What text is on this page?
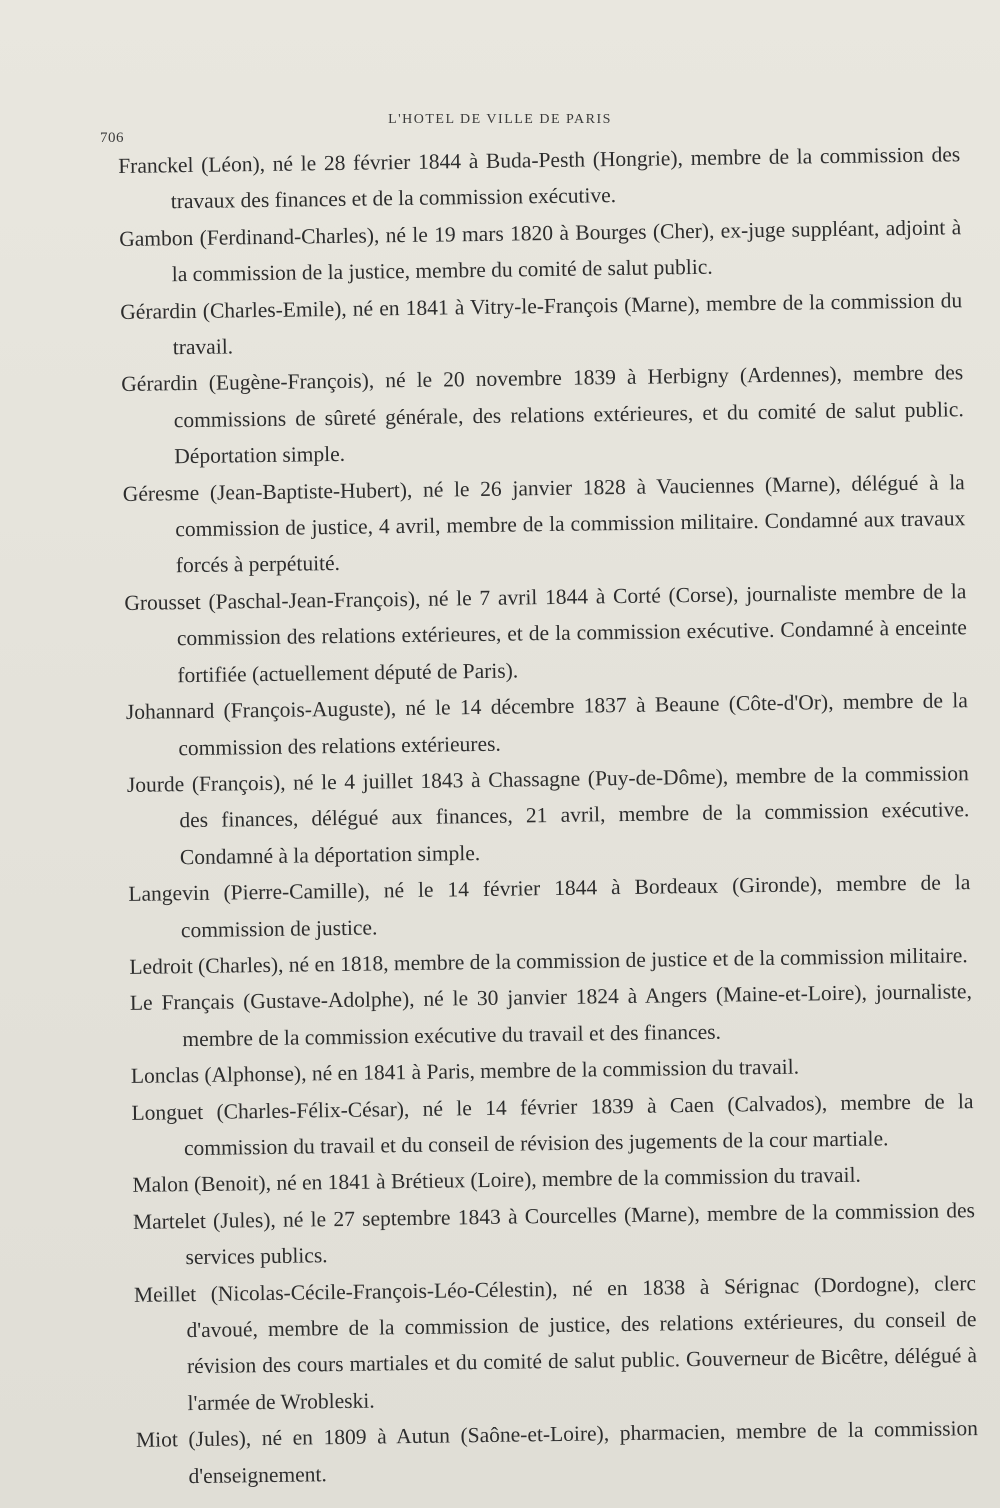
L'HOTEL DE VILLE DE PARIS
706

Franckel (Léon), né le 28 février 1844 à Buda-Pesth (Hongrie), membre de la commission des travaux des finances et de la commission exécutive.

Gambon (Ferdinand-Charles), né le 19 mars 1820 à Bourges (Cher), ex-juge suppléant, adjoint à la commission de la justice, membre du comité de salut public.

Gérardin (Charles-Emile), né en 1841 à Vitry-le-François (Marne), membre de la commission du travail.

Gérardin (Eugène-François), né le 20 novembre 1839 à Herbigny (Ardennes), membre des commissions de sûreté générale, des relations extérieures, et du comité de salut public. Déportation simple.

Géresme (Jean-Baptiste-Hubert), né le 26 janvier 1828 à Vauciennes (Marne), délégué à la commission de justice, 4 avril, membre de la commission militaire. Condamné aux travaux forcés à perpétuité.

Grousset (Paschal-Jean-François), né le 7 avril 1844 à Corté (Corse), journaliste membre de la commission des relations extérieures, et de la commission exécutive. Condamné à enceinte fortifiée (actuellement député de Paris).

Johannard (François-Auguste), né le 14 décembre 1837 à Beaune (Côte-d'Or), membre de la commission des relations extérieures.

Jourde (François), né le 4 juillet 1843 à Chassagne (Puy-de-Dôme), membre de la commission des finances, délégué aux finances, 21 avril, membre de la commission exécutive. Condamné à la déportation simple.

Langevin (Pierre-Camille), né le 14 février 1844 à Bordeaux (Gironde), membre de la commission de justice.

Ledroit (Charles), né en 1818, membre de la commission de justice et de la commission militaire.

Le Français (Gustave-Adolphe), né le 30 janvier 1824 à Angers (Maine-et-Loire), journaliste, membre de la commission exécutive du travail et des finances.

Lonclas (Alphonse), né en 1841 à Paris, membre de la commission du travail.

Longuet (Charles-Félix-César), né le 14 février 1839 à Caen (Calvados), membre de la commission du travail et du conseil de révision des jugements de la cour martiale.

Malon (Benoit), né en 1841 à Brétieux (Loire), membre de la commission du travail.

Martelet (Jules), né le 27 septembre 1843 à Courcelles (Marne), membre de la commission des services publics.

Meillet (Nicolas-Cécile-François-Léo-Célestin), né en 1838 à Sérignac (Dordogne), clerc d'avoué, membre de la commission de justice, des relations extérieures, du conseil de révision des cours martiales et du comité de salut public. Gouverneur de Bicêtre, délégué à l'armée de Wrobleski.

Miot (Jules), né en 1809 à Autun (Saône-et-Loire), pharmacien, membre de la commission d'enseignement.
